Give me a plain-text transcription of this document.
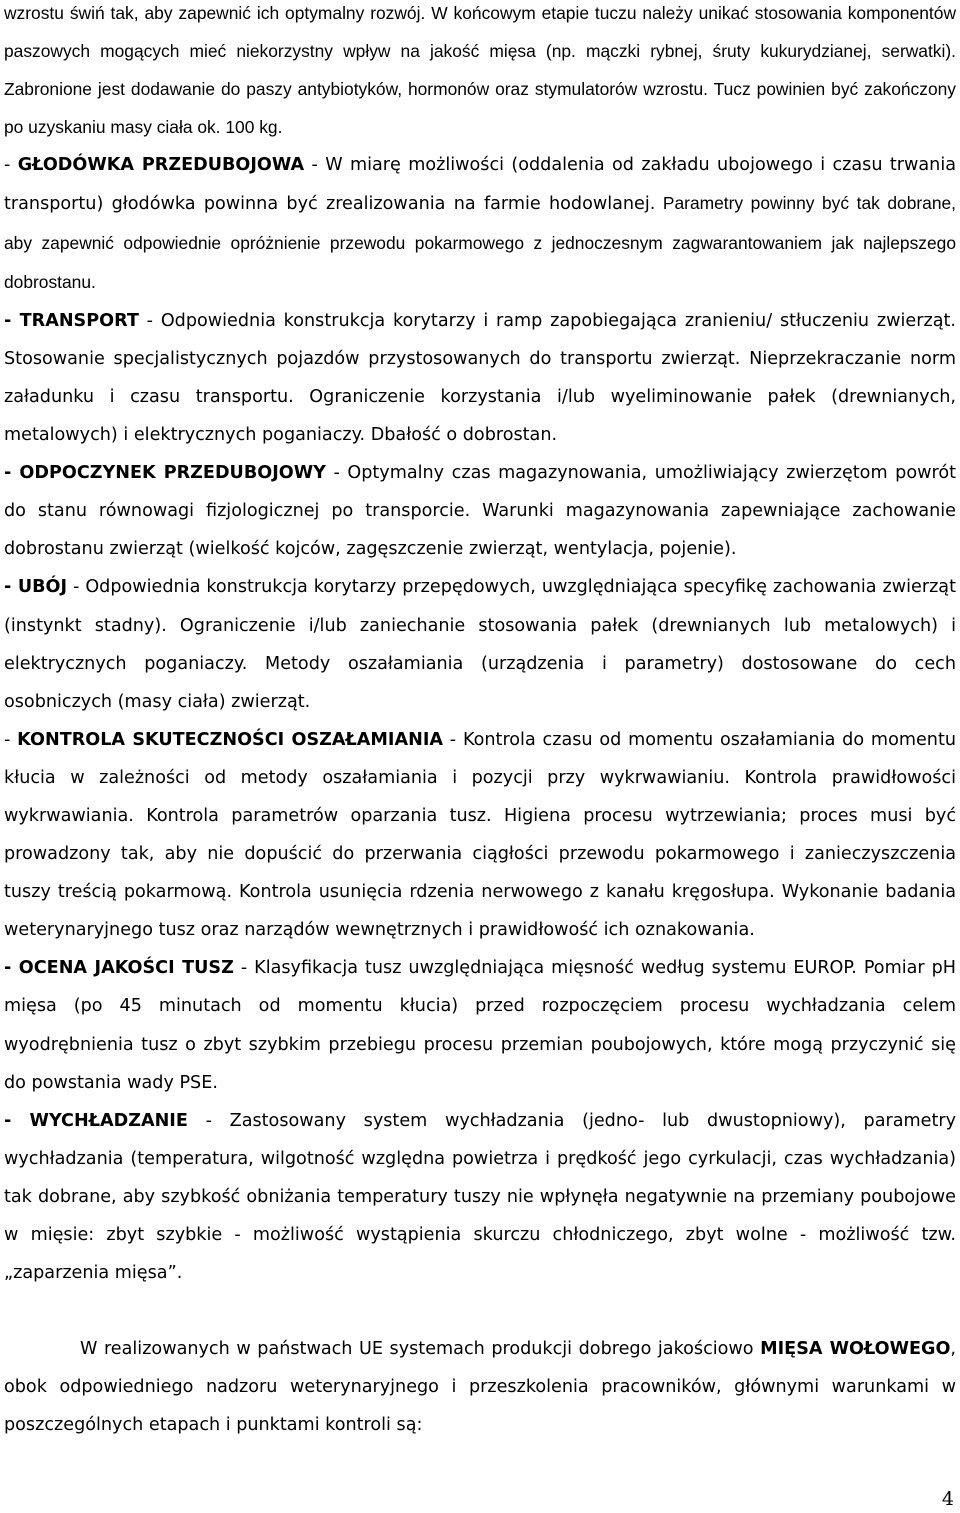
wzrostu świń tak, aby zapewnić ich optymalny rozwój. W końcowym etapie tuczu należy unikać stosowania komponentów paszowych mogących mieć niekorzystny wpływ na jakość mięsa (np. mączki rybnej, śruty kukurydzianej, serwatki). Zabronione jest dodawanie do paszy antybiotyków, hormonów oraz stymulatorów wzrostu. Tucz powinien być zakończony po uzyskaniu masy ciała ok. 100 kg.

- GŁODÓWKA PRZEDUBOJOWA - W miarę możliwości (oddalenia od zakładu ubojowego i czasu trwania transportu) głodówka powinna być zrealizowania na farmie hodowlanej. Parametry powinny być tak dobrane, aby zapewnić odpowiednie opróżnienie przewodu pokarmowego z jednoczesnym zagwarantowaniem jak najlepszego dobrostanu.

- TRANSPORT - Odpowiednia konstrukcja korytarzy i ramp zapobiegająca zranieniu/ stłuczeniu zwierząt. Stosowanie specjalistycznych pojazdów przystosowanych do transportu zwierząt. Nieprzekraczanie norm załadunku i czasu transportu. Ograniczenie korzystania i/lub wyeliminowanie pałek (drewnianych, metalowych) i elektrycznych poganiaczy. Dbałość o dobrostan.

- ODPOCZYNEK PRZEDUBOJOWY - Optymalny czas magazynowania, umożliwiający zwierzętom powrót do stanu równowagi fizjologicznej po transporcie. Warunki magazynowania zapewniające zachowanie dobrostanu zwierząt (wielkość kojców, zagęszczenie zwierząt, wentylacja, pojenie).

- UBÓJ - Odpowiednia konstrukcja korytarzy przepędowych, uwzględniająca specyfikę zachowania zwierząt (instynkt stadny). Ograniczenie i/lub zaniechanie stosowania pałek (drewnianych lub metalowych) i elektrycznych poganiaczy. Metody oszałamiania (urządzenia i parametry) dostosowane do cech osobniczych (masy ciała) zwierząt.

- KONTROLA SKUTECZNOŚCI OSZAŁAMIANIA - Kontrola czasu od momentu oszałamiania do momentu kłucia w zależności od metody oszałamiania i pozycji przy wykrwawianiu. Kontrola prawidłowości wykrwawiania. Kontrola parametrów oparzania tusz. Higiena procesu wytrzewiania; proces musi być prowadzony tak, aby nie dopuścić do przerwania ciągłości przewodu pokarmowego i zanieczyszczenia tuszy treścią pokarmową. Kontrola usunięcia rdzenia nerwowego z kanału kręgosłupa. Wykonanie badania weterynaryjnego tusz oraz narządów wewnętrznych i prawidłowość ich oznakowania.

- OCENA JAKOŚCI TUSZ - Klasyfikacja tusz uwzględniająca mięsność według systemu EUROP. Pomiar pH mięsa (po 45 minutach od momentu kłucia) przed rozpoczęciem procesu wychładzania celem wyodrębnienia tusz o zbyt szybkim przebiegu procesu przemian poubojowych, które mogą przyczynić się do powstania wady PSE.

- WYCHŁADZANIE - Zastosowany system wychładzania (jedno- lub dwustopniowy), parametry wychładzania (temperatura, wilgotność względna powietrza i prędkość jego cyrkulacji, czas wychładzania) tak dobrane, aby szybkość obniżania temperatury tuszy nie wpłynęła negatywnie na przemiany poubojowe w mięsie: zbyt szybkie - możliwość wystąpienia skurczu chłodniczego, zbyt wolne - możliwość tzw. „zaparzenia mięsa”.

W realizowanych w państwach UE systemach produkcji dobrego jakościowo MIĘSA WOŁOWEGO, obok odpowiedniego nadzoru weterynaryjnego i przeszkolenia pracowników, głównymi warunkami w poszczególnych etapach i punktami kontroli są:

4
